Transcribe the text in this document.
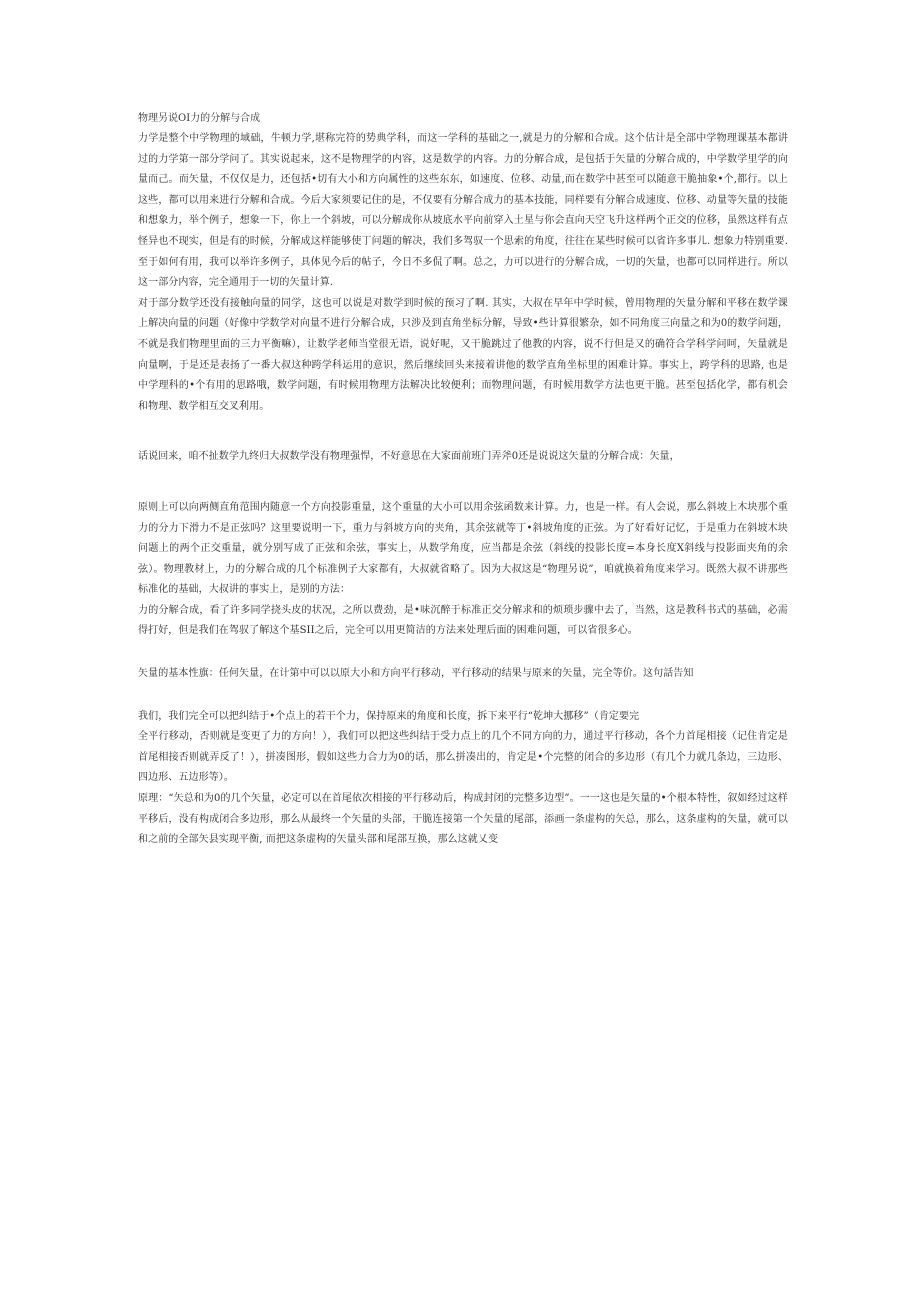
物理另说OI力的分解与合成

力学是整个中学物理的域础，牛顿力学,堪称完符的势典学科，而这一学科的基础之一,就是力的分解和合成。这个估计是全部中学物理课基本都讲过的力学第一部分学问了。其实说起来，这不是物理学的内容，这是数学的内容。力的分解合成，是包括于矢量的分解合成的，中学数学里学的向量而己。而矢量，不仅仅是力，还包括•切有大小和方向属性的这些东东，如速度、位移、动量,而在数学中甚至可以随意干脆抽象•个,都行。以上这些，都可以用来进行分解和合成。今后大家须要记住的是，不仅要有分解合成力的基本技能，同样要有分解合成速度、位移、动量等矢量的技能和想象力，举个例子，想象一下，你上一个斜坡，可以分解成你从坡底水平向前穿入土星与你会直向天空飞升这样两个正交的位移，虽然这样有点怪异也不现实，但是有的时候，分解成这样能够使丁问题的解决，我们多驾驭一个思索的角度，往往在某些时候可以省许多事儿. 想象力特别重要.至于如何有用，我可以举许多例子，具体见今后的帖子，今日不多侃了啊。总之，力可以进行的分解合成，一切的矢量，也都可以同样进行。所以这一部分内容，完全通用于一切的矢量计算.

对于部分数学还没有接触向量的同学，这也可以说是对数学到时候的预习了啊. 其实，大叔在早年中学时候，曾用物理的矢量分解和平移在数学课上解决向量的问题（好像中学数学对向量不进行分解合成，只涉及到直角坐标分解，导致•些计算很繁杂，如不同角度三向量之和为0的数学问题，不就是我们物理里面的三力平衡嘛），让数学老师当堂很无语，说好呢，又干脆跳过了他教的内容，说不行但是又的确符合学科学问呵，矢量就是向量啊，于是还是表扬了一番大叔这种跨学科运用的意识，然后继续回头来接着讲他的数学直角坐标里的困难计算。事实上，跨学科的思路, 也是中学理科的•个有用的思路哦，数学问题，有时候用物理方法解决比较便利；而物理问题，有时候用数学方法也更干脆。甚至包括化学，都有机会和物理、数学相互交叉利用。

话说回来，咱不扯数学九终归大叔数学没有物理强悍，不好意思在大家面前班门弄斧0还是说说这矢量的分解合成：矢量，

原则上可以向两侧直角范围内随意一个方向投影重量，这个重量的大小可以用余弦函数来计算。力，也是一样。有人会说，那么斜坡上木块那个重力的分力下滑力不是正弦吗？这里要说明一下，重力与斜坡方向的夹角，其余弦就等丁•斜坡角度的正弦。为了好看好记忆，于是重力在斜坡木块问题上的两个正交重量，就分别写成了正弦和余弦，事实上，从数学角度，应当都是余弦（斜线的投影长度=本身长度X斜线与投影面夹角的余弦）。物理教材上，力的分解合成的几个标准例子大家都有，大叔就省略了。因为大叔这是“物理另说”，咱就换着角度来学习。既然大叔不讲那些标准化的基础，大叔讲的事实上，是别的方法：

力的分解合成，看了许多同学挠头皮的状况，之所以费劲，是•味沉醉于标准正交分解求和的烦琐步骤中去了，当然，这是教科书式的基础，必需得打好，但是我们在驾驭了解这个基SII之后，完全可以用更简洁的方法来处理后面的困难问题，可以省很多心。

矢量的基本性旗：任何矢量，在计第中可以以原大小和方向平行移动，平行移动的结果与原来的矢量，完全等价。这句話告知

我们，我们完全可以把纠结于•个点上的若干个力，保持原来的角度和长度，拆下来平行“乾坤大挪移”（肯定要完

全平行移动，否则就是变更了力的方向！），我们可以把这些纠结于受力点上的几个不同方向的力，通过平行移动，各个力首尾相接（记住肯定是首尾相接否则就弄反了！），拼凑图形，假如这些力合力为0的话，那么拼凑出的，肯定是•个完整的闭合的多边形（有几个力就几条边，三边形、四边形、五边形等）。

原理：“矢总和为0的几个矢量，必定可以在首尾依次相接的平行移动后，构成封闭的完整多边型”。一一这也是矢量的•个根本特性，叙如经过这样平移后，没有构成闭合多边形，那么从最终一个矢量的头部，干脆连接第一个矢量的尾部，添画一条虚构的矢总，那么，这条虚构的矢量，就可以和之前的全部矢县实现平衡, 而把这条虚构的矢量头部和尾部互换，那么这就乂变
